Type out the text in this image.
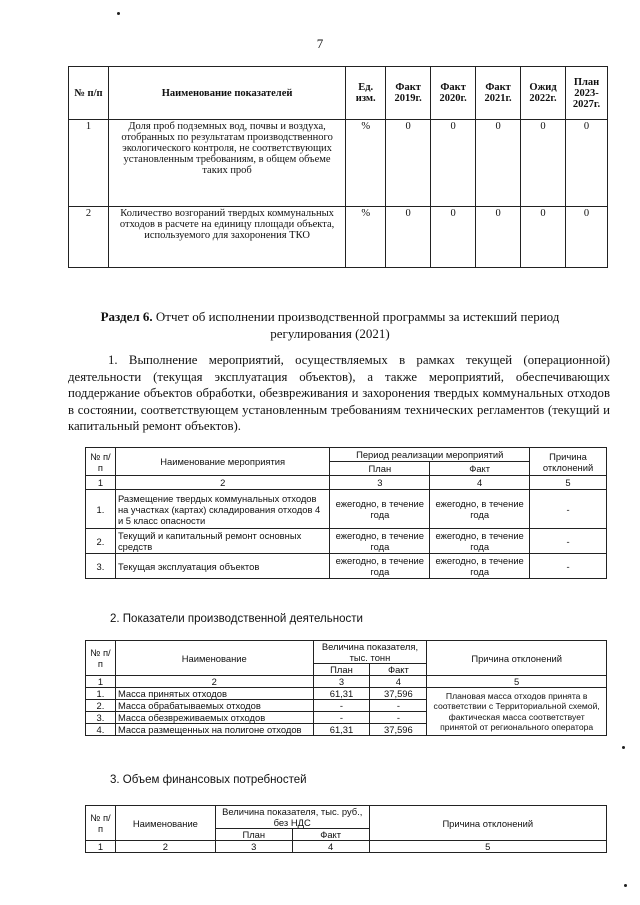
7
№ п/п	Наименование показателей	Ед. изм.	Факт 2019г.	Факт 2020г.	Факт 2021г.	Ожид 2022г.	План 2023-2027г.
1	Доля проб подземных вод, почвы и воздуха, отобранных по результатам производственного экологического контроля, не соответствующих установленным требованиям, в общем объеме таких проб	%	0	0	0	0	0
2	Количество возгораний твердых коммунальных отходов в расчете на единицу площади объекта, используемого для захоронения ТКО	%	0	0	0	0	0
Раздел 6. Отчет об исполнении производственной программы за истекший период регулирования (2021)
1. Выполнение мероприятий, осуществляемых в рамках текущей (операционной) деятельности (текущая эксплуатация объектов), а также мероприятий, обеспечивающих поддержание объектов обработки, обезвреживания и захоронения твердых коммунальных отходов в состоянии, соответствующем установленным требованиям технических регламентов (текущий и капитальный ремонт объектов).
№ п/п	Наименование мероприятия	Период реализации мероприятий		Причина отклонений
		План	Факт	
1	2	3	4	5
1.	Размещение твердых коммунальных отходов на участках (картах) складирования отходов 4 и 5 класс опасности	ежегодно, в течение года	ежегодно, в течение года	-
2.	Текущий и капитальный ремонт основных средств	ежегодно, в течение года	ежегодно, в течение года	-
3.	Текущая эксплуатация объектов	ежегодно, в течение года	ежегодно, в течение года	-
2. Показатели производственной деятельности
№ п/п	Наименование	Величина показателя, тыс. тонн		Причина отклонений
		План	Факт	
1	2	3	4	5
1.	Масса принятых отходов	61,31	37,596	Плановая масса отходов принята в соответствии с Территориальной схемой, фактическая масса соответствует принятой от регионального оператора
2.	Масса обрабатываемых отходов	-	-	
3.	Масса обезвреживаемых отходов	-	-	
4.	Масса размещенных на полигоне отходов	61,31	37,596	
3. Объем финансовых потребностей
№ п/п	Наименование	Величина показателя, тыс. руб., без НДС		Причина отклонений
		План	Факт	
1	2	3	4	5
